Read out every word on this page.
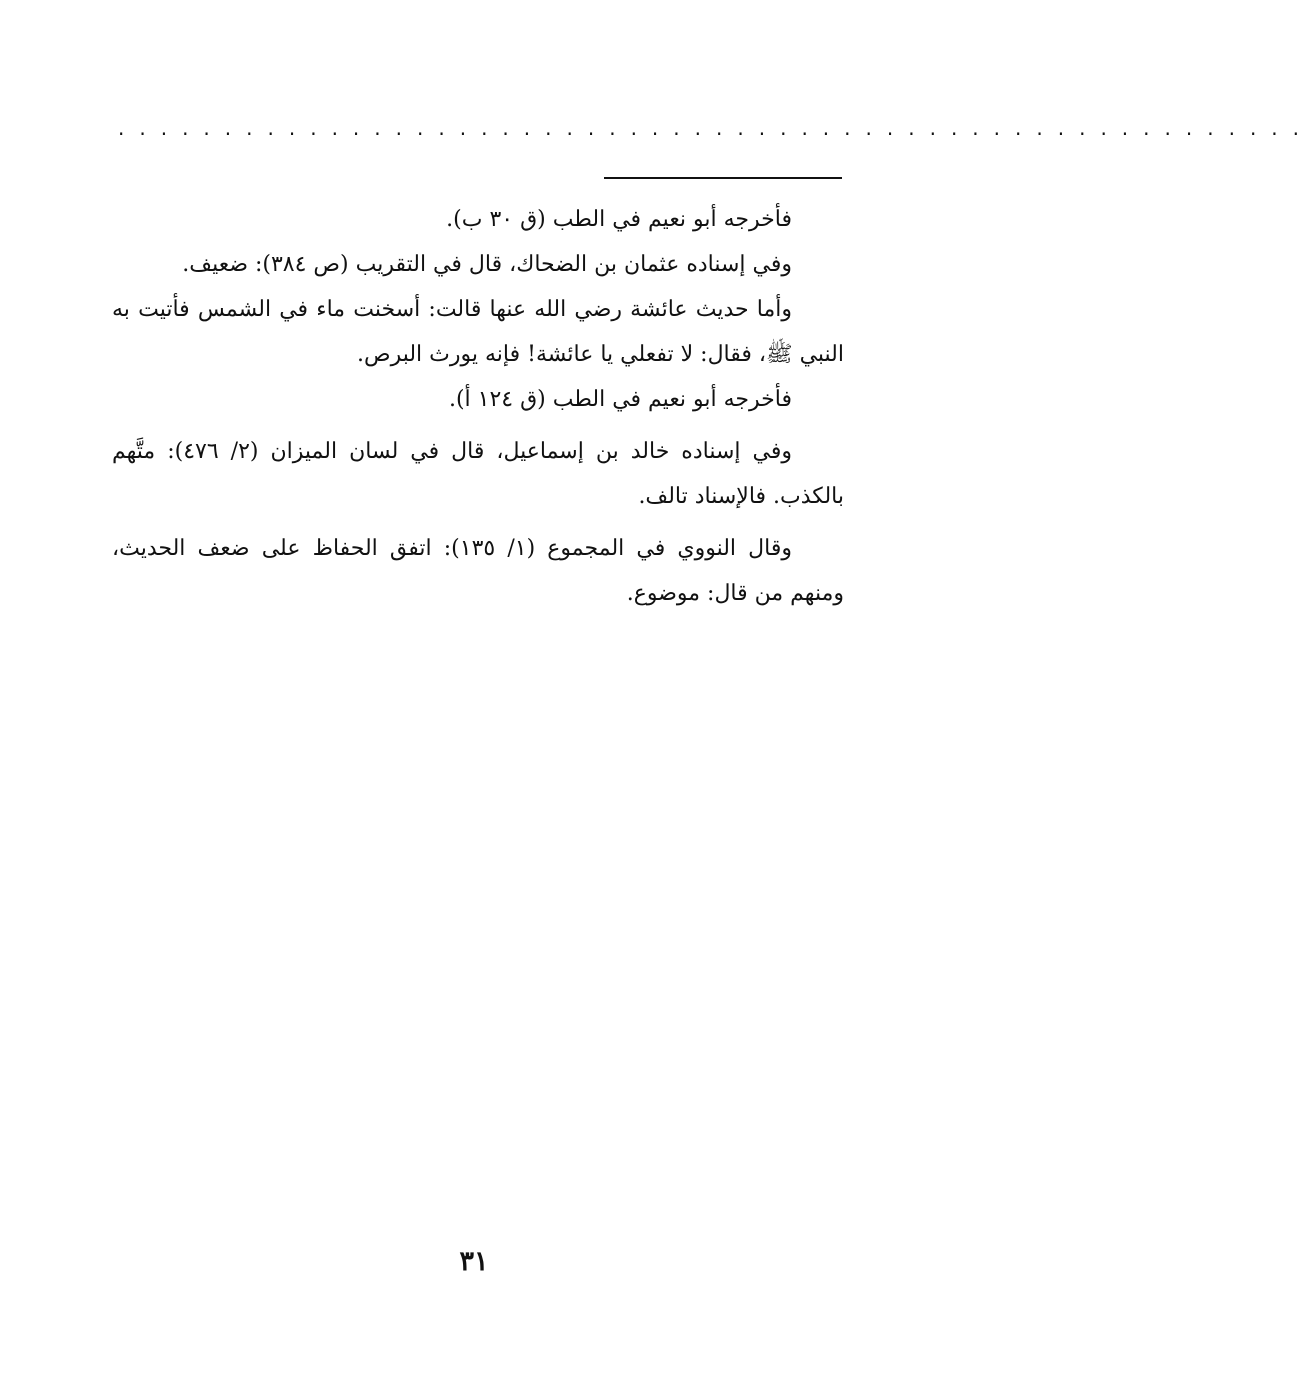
........................................................

فأخرجه أبو نعيم في الطب (ق ٣٠ ب).

وفي إسناده عثمان بن الضحاك، قال في التقريب (ص ٣٨٤): ضعيف.

وأما حديث عائشة رضي الله عنها قالت: أسخنت ماء في الشمس فأتيت به النبي ﷺ، فقال: لا تفعلي يا عائشة! فإنه يورث البرص.

فأخرجه أبو نعيم في الطب (ق ١٢٤ أ).

وفي إسناده خالد بن إسماعيل، قال في لسان الميزان (٢/ ٤٧٦): متَّهم بالكذب. فالإسناد تالف.

وقال النووي في المجموع (١/ ١٣٥): اتفق الحفاظ على ضعف الحديث، ومنهم من قال: موضوع.

٣١
